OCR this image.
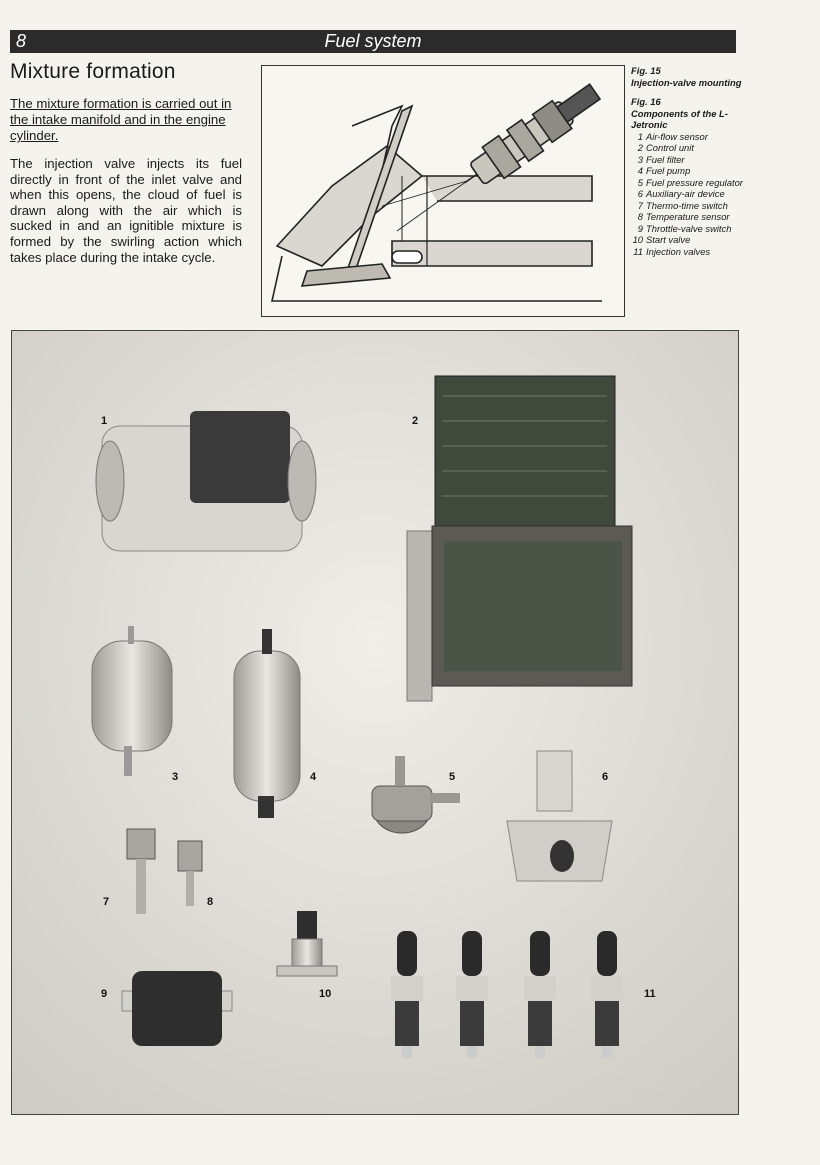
8	Fuel system
Mixture formation

The mixture formation is carried out in the intake manifold and in the engine cylinder.

The injection valve injects its fuel directly in front of the inlet valve and when this opens, the cloud of fuel is drawn along with the air which is sucked in and an ignitible mixture is formed by the swirling action which takes place during the intake cycle.

Fig. 15
Injection-valve mounting
Fig. 16
Components of the L-Jetronic
1 Air-flow sensor
2 Control unit
3 Fuel filter
4 Fuel pump
5 Fuel pressure regulator
6 Auxiliary-air device
7 Thermo-time switch
8 Temperature sensor
9 Throttle-valve switch
10 Start valve
11 Injection valves
1	2
3	4	5	6
7	8
9	10	11
